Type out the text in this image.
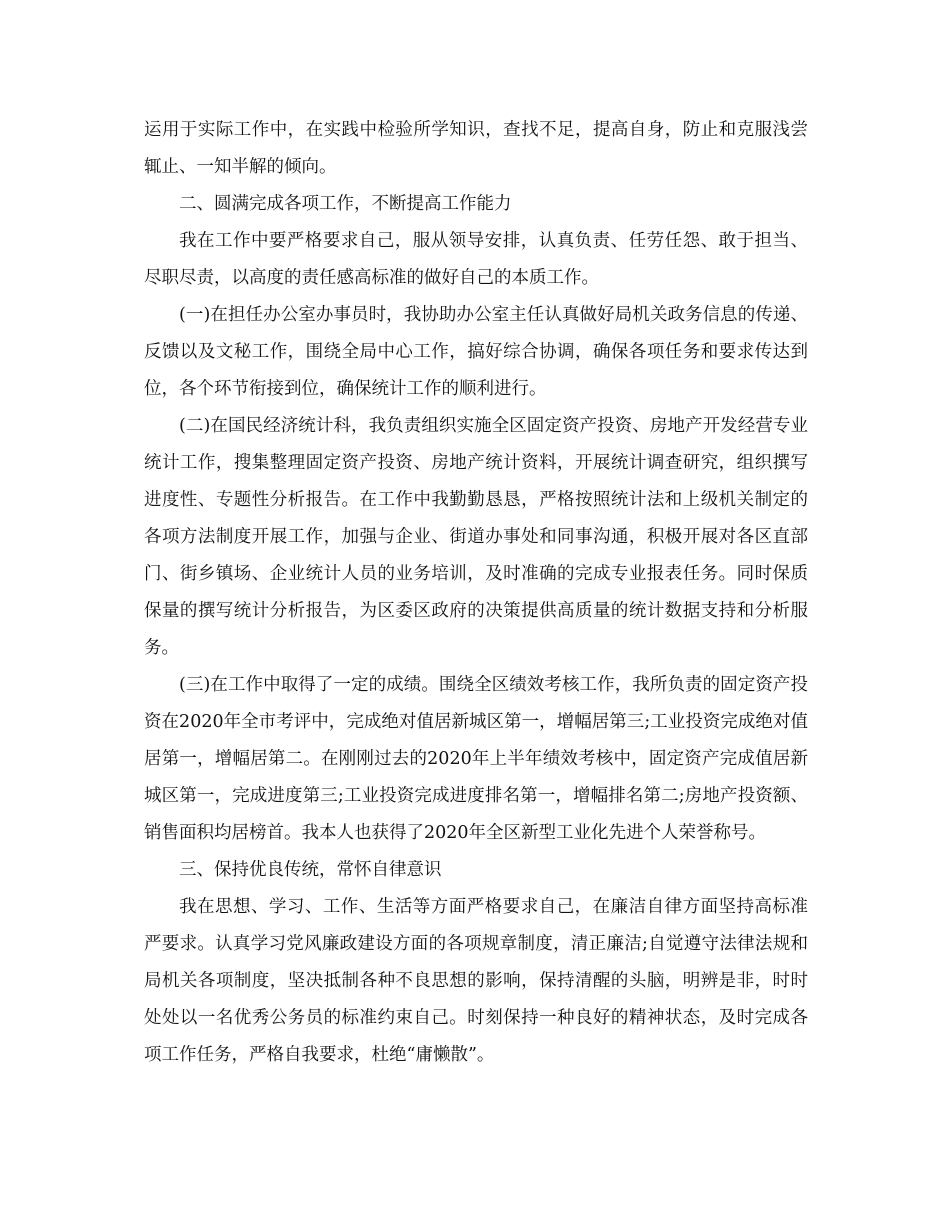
运用于实际工作中，在实践中检验所学知识，查找不足，提高自身，防止和克服浅尝辄止、一知半解的倾向。

二、圆满完成各项工作，不断提高工作能力

我在工作中要严格要求自己，服从领导安排，认真负责、任劳任怨、敢于担当、尽职尽责，以高度的责任感高标准的做好自己的本质工作。

(一)在担任办公室办事员时，我协助办公室主任认真做好局机关政务信息的传递、反馈以及文秘工作，围绕全局中心工作，搞好综合协调，确保各项任务和要求传达到位，各个环节衔接到位，确保统计工作的顺利进行。

(二)在国民经济统计科，我负责组织实施全区固定资产投资、房地产开发经营专业统计工作，搜集整理固定资产投资、房地产统计资料，开展统计调查研究，组织撰写进度性、专题性分析报告。在工作中我勤勤恳恳，严格按照统计法和上级机关制定的各项方法制度开展工作，加强与企业、街道办事处和同事沟通，积极开展对各区直部门、街乡镇场、企业统计人员的业务培训，及时准确的完成专业报表任务。同时保质保量的撰写统计分析报告，为区委区政府的决策提供高质量的统计数据支持和分析服务。

(三)在工作中取得了一定的成绩。围绕全区绩效考核工作，我所负责的固定资产投资在2020年全市考评中，完成绝对值居新城区第一，增幅居第三;工业投资完成绝对值居第一，增幅居第二。在刚刚过去的2020年上半年绩效考核中，固定资产完成值居新城区第一，完成进度第三;工业投资完成进度排名第一，增幅排名第二;房地产投资额、销售面积均居榜首。我本人也获得了2020年全区新型工业化先进个人荣誉称号。

三、保持优良传统，常怀自律意识

我在思想、学习、工作、生活等方面严格要求自己，在廉洁自律方面坚持高标准严要求。认真学习党风廉政建设方面的各项规章制度，清正廉洁;自觉遵守法律法规和局机关各项制度，坚决抵制各种不良思想的影响，保持清醒的头脑，明辨是非，时时处处以一名优秀公务员的标准约束自己。时刻保持一种良好的精神状态，及时完成各项工作任务，严格自我要求，杜绝“庸懒散”。
